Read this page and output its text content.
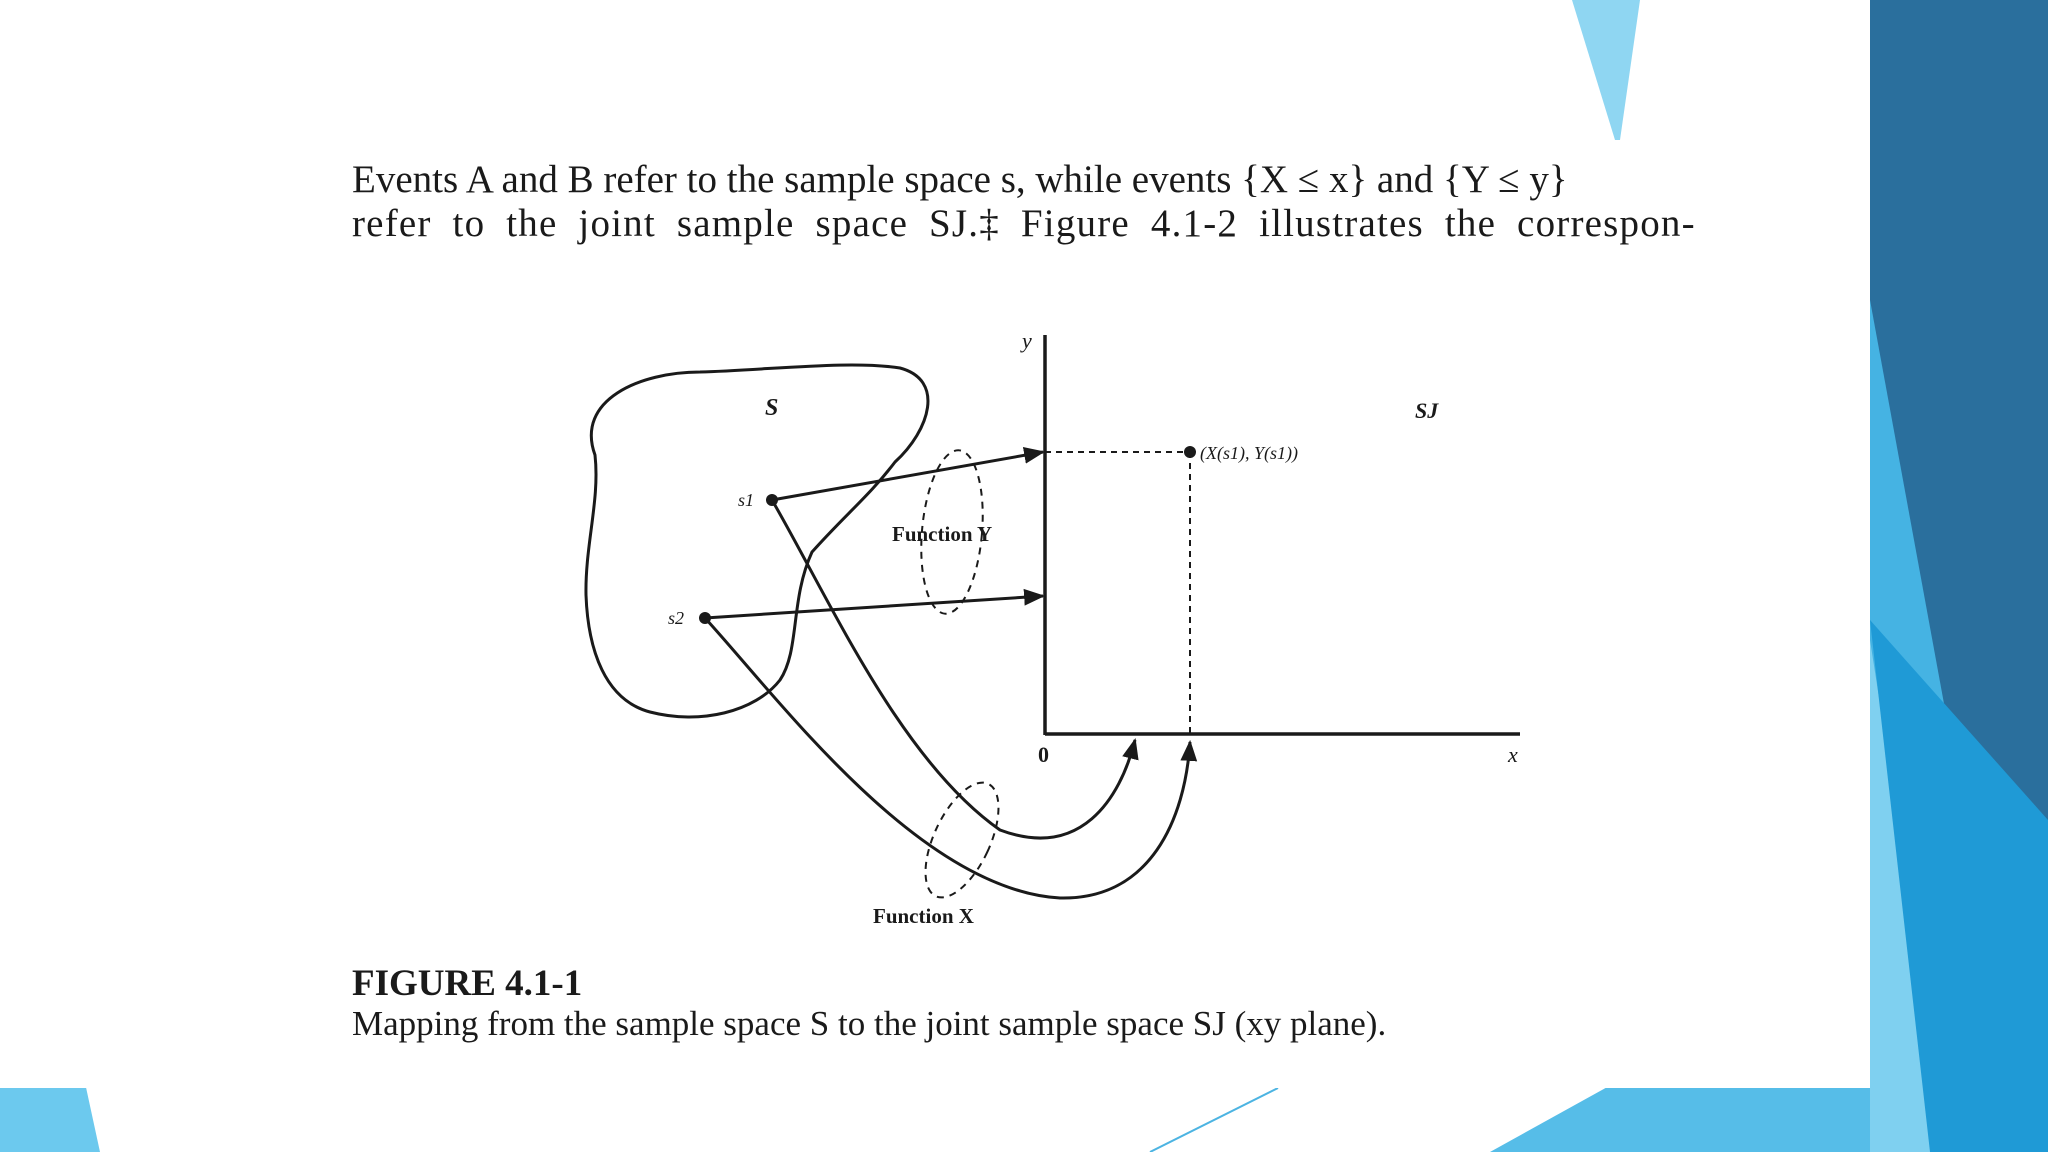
Events A and B refer to the sample space s, while events {X ≤ x} and {Y ≤ y}
refer to the joint sample space SJ.‡ Figure 4.1-2 illustrates the correspon-
S	SJ
y
x
0
s1
s2
(X(s1), Y(s1))
Function Y
Function X
FIGURE 4.1-1
Mapping from the sample space S to the joint sample space SJ (xy plane).
